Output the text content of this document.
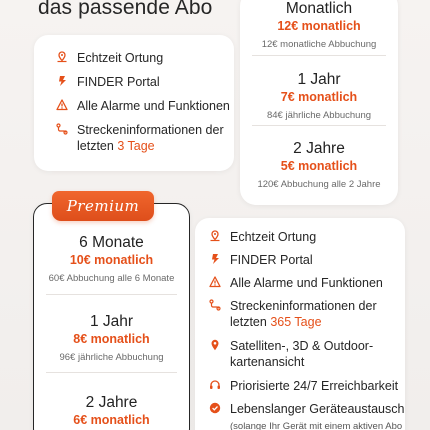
das passende Abo
Echtzeit Ortung
FINDER Portal
Alle Alarme und Funktionen
Streckeninformationen der
letzten 3 Tage
Monatlich
12€ monatlich
12€ monatliche Abbuchung
1 Jahr
7€ monatlich
84€ jährliche Abbuchung
2 Jahre
5€ monatlich
120€ Abbuchung alle 2 Jahre
Premium
6 Monate
10€ monatlich
60€ Abbuchung alle 6 Monate
1 Jahr
8€ monatlich
96€ jährliche Abbuchung
2 Jahre
6€ monatlich
Echtzeit Ortung
FINDER Portal
Alle Alarme und Funktionen
Streckeninformationen der
letzten 365 Tage
Satelliten-, 3D & Outdoor-
kartenansicht
Priorisierte 24/7 Erreichbarkeit
Lebenslanger Geräteaustausch
(solange Ihr Gerät mit einem aktiven Abo
